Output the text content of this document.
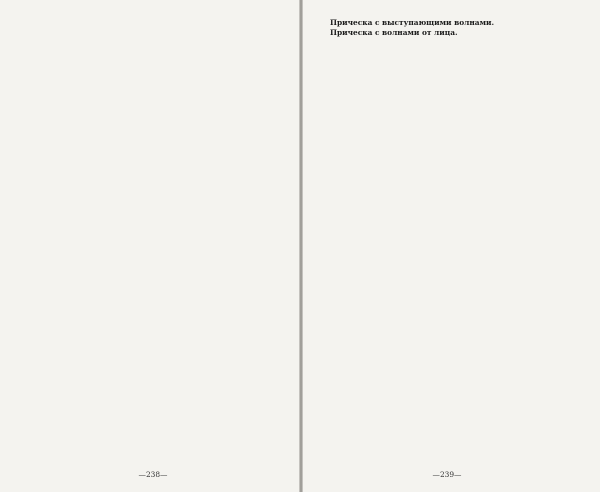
—238—

Прическа с выступающими волнами.

Прическа с волнами от лица.

—239—
